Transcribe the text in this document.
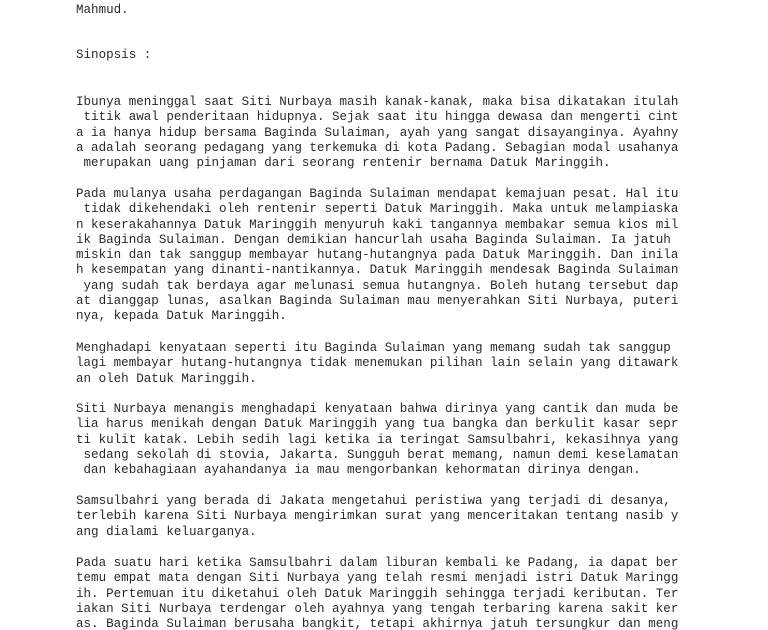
Mahmud.
Sinopsis :
Ibunya meninggal saat Siti Nurbaya masih kanak-kanak, maka bisa dikatakan itulah
titik awal penderitaan hidupnya. Sejak saat itu hingga dewasa dan mengerti cint
a ia hanya hidup bersama Baginda Sulaiman, ayah yang sangat disayanginya. Ayahny
a adalah seorang pedagang yang terkemuka di kota Padang. Sebagian modal usahanya
merupakan uang pinjaman dari seorang rentenir bernama Datuk Maringgih.
Pada mulanya usaha perdagangan Baginda Sulaiman mendapat kemajuan pesat. Hal itu
tidak dikehendaki oleh rentenir seperti Datuk Maringgih. Maka untuk melampiaska
n keserakahannya Datuk Maringgih menyuruh kaki tangannya membakar semua kios mil
ik Baginda Sulaiman. Dengan demikian hancurlah usaha Baginda Sulaiman. Ia jatuh
miskin dan tak sanggup membayar hutang-hutangnya pada Datuk Maringgih. Dan inila
h kesempatan yang dinanti-nantikannya. Datuk Maringgih mendesak Baginda Sulaiman
yang sudah tak berdaya agar melunasi semua hutangnya. Boleh hutang tersebut dap
at dianggap lunas, asalkan Baginda Sulaiman mau menyerahkan Siti Nurbaya, puteri
nya, kepada Datuk Maringgih.
Menghadapi kenyataan seperti itu Baginda Sulaiman yang memang sudah tak sanggup
lagi membayar hutang-hutangnya tidak menemukan pilihan lain selain yang ditawark
an oleh Datuk Maringgih.
Siti Nurbaya menangis menghadapi kenyataan bahwa dirinya yang cantik dan muda be
lia harus menikah dengan Datuk Maringgih yang tua bangka dan berkulit kasar sepr
ti kulit katak. Lebih sedih lagi ketika ia teringat Samsulbahri, kekasihnya yang
sedang sekolah di stovia, Jakarta. Sungguh berat memang, namun demi keselamatan
dan kebahagiaan ayahandanya ia mau mengorbankan kehormatan dirinya dengan.
Samsulbahri yang berada di Jakata mengetahui peristiwa yang terjadi di desanya,
terlebih karena Siti Nurbaya mengirimkan surat yang menceritakan tentang nasib y
ang dialami keluarganya.
Pada suatu hari ketika Samsulbahri dalam liburan kembali ke Padang, ia dapat ber
temu empat mata dengan Siti Nurbaya yang telah resmi menjadi istri Datuk Maringg
ih. Pertemuan itu diketahui oleh Datuk Maringgih sehingga terjadi keributan. Ter
iakan Siti Nurbaya terdengar oleh ayahnya yang tengah terbaring karena sakit ker
as. Baginda Sulaiman berusaha bangkit, tetapi akhirnya jatuh tersungkur dan meng
